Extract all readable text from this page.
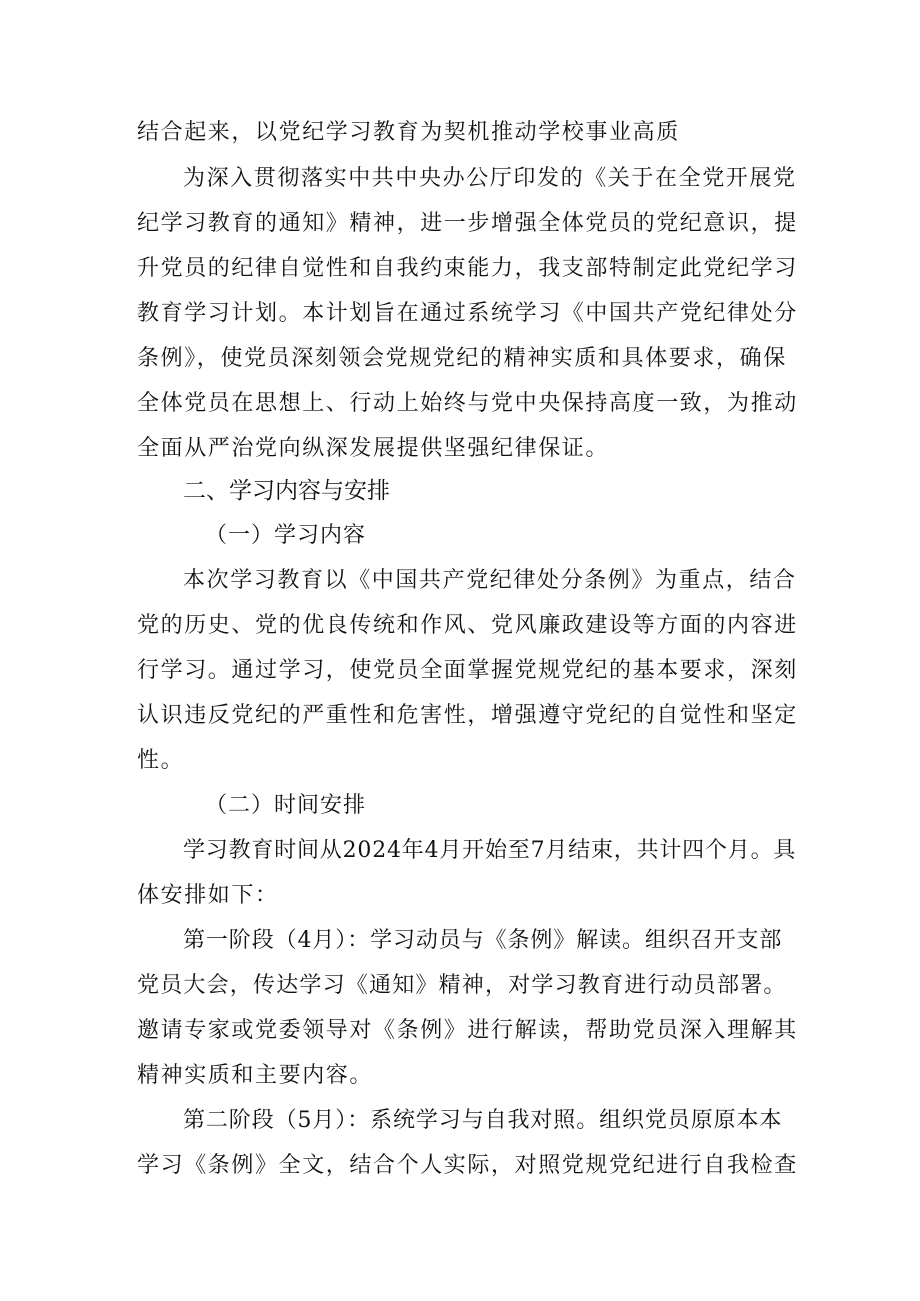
结合起来，以党纪学习教育为契机推动学校事业高质

为深入贯彻落实中共中央办公厅印发的《关于在全党开展党

纪学习教育的通知》精神，进一步增强全体党员的党纪意识，提

升党员的纪律自觉性和自我约束能力，我支部特制定此党纪学习

教育学习计划。本计划旨在通过系统学习《中国共产党纪律处分

条例》，使党员深刻领会党规党纪的精神实质和具体要求，确保

全体党员在思想上、行动上始终与党中央保持高度一致，为推动

全面从严治党向纵深发展提供坚强纪律保证。

二、学习内容与安排

（一）学习内容

本次学习教育以《中国共产党纪律处分条例》为重点，结合

党的历史、党的优良传统和作风、党风廉政建设等方面的内容进

行学习。通过学习，使党员全面掌握党规党纪的基本要求，深刻

认识违反党纪的严重性和危害性，增强遵守党纪的自觉性和坚定

性。

（二）时间安排

学习教育时间从2024年4月开始至7月结束，共计四个月。具

体安排如下：

第一阶段（4月）：学习动员与《条例》解读。组织召开支部

党员大会，传达学习《通知》精神，对学习教育进行动员部署。

邀请专家或党委领导对《条例》进行解读，帮助党员深入理解其

精神实质和主要内容。

第二阶段（5月）：系统学习与自我对照。组织党员原原本本

学习《条例》全文，结合个人实际，对照党规党纪进行自我检查
